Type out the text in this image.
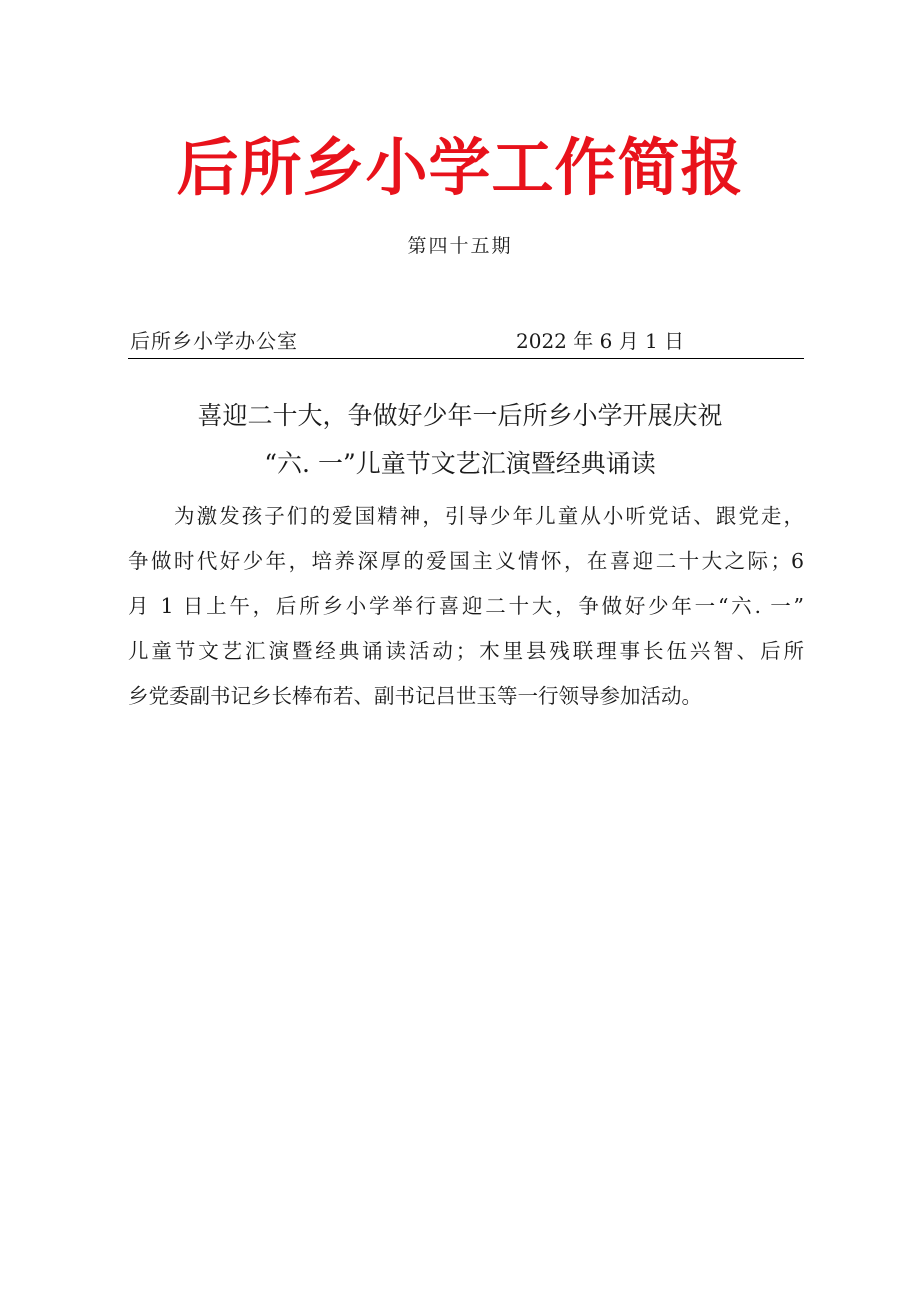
后所乡小学工作简报
第四十五期
后所乡小学办公室	2022 年 6 月 1 日
喜迎二十大，争做好少年一后所乡小学开展庆祝
“六. 一”儿童节文艺汇演暨经典诵读
为激发孩子们的爱国精神，引导少年儿童从小听党话、跟党走，
争做时代好少年，培养深厚的爱国主义情怀，在喜迎二十大之际；6
月 1 日上午，后所乡小学举行喜迎二十大，争做好少年一“六. 一”
儿童节文艺汇演暨经典诵读活动；木里县残联理事长伍兴智、后所
乡党委副书记乡长棒布若、副书记吕世玉等一行领导参加活动。
